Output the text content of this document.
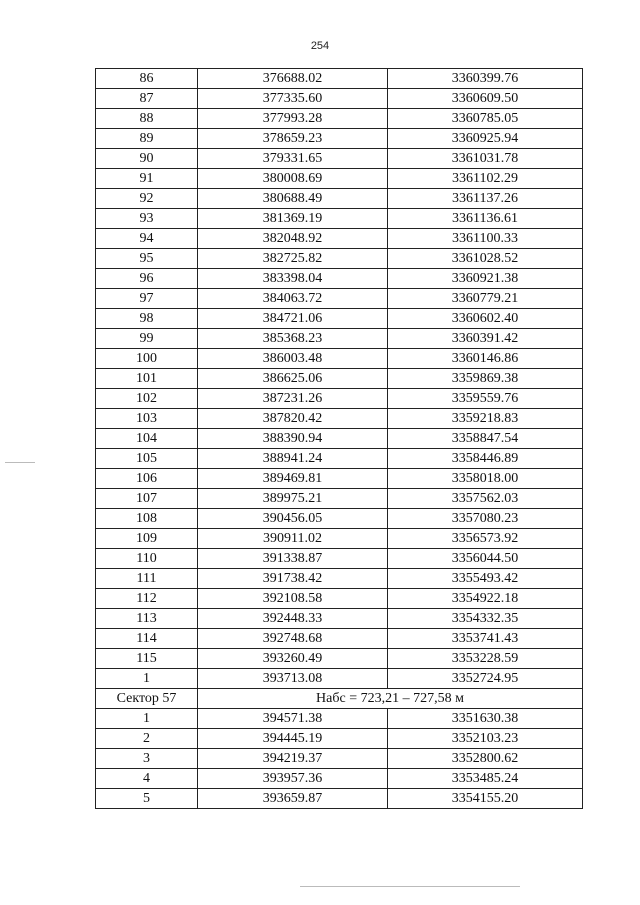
254
86	376688.02	3360399.76
87	377335.60	3360609.50
88	377993.28	3360785.05
89	378659.23	3360925.94
90	379331.65	3361031.78
91	380008.69	3361102.29
92	380688.49	3361137.26
93	381369.19	3361136.61
94	382048.92	3361100.33
95	382725.82	3361028.52
96	383398.04	3360921.38
97	384063.72	3360779.21
98	384721.06	3360602.40
99	385368.23	3360391.42
100	386003.48	3360146.86
101	386625.06	3359869.38
102	387231.26	3359559.76
103	387820.42	3359218.83
104	388390.94	3358847.54
105	388941.24	3358446.89
106	389469.81	3358018.00
107	389975.21	3357562.03
108	390456.05	3357080.23
109	390911.02	3356573.92
110	391338.87	3356044.50
111	391738.42	3355493.42
112	392108.58	3354922.18
113	392448.33	3354332.35
114	392748.68	3353741.43
115	393260.49	3353228.59
1	393713.08	3352724.95
Сектор 57	Набс = 723,21 – 727,58 м	
1	394571.38	3351630.38
2	394445.19	3352103.23
3	394219.37	3352800.62
4	393957.36	3353485.24
5	393659.87	3354155.20
